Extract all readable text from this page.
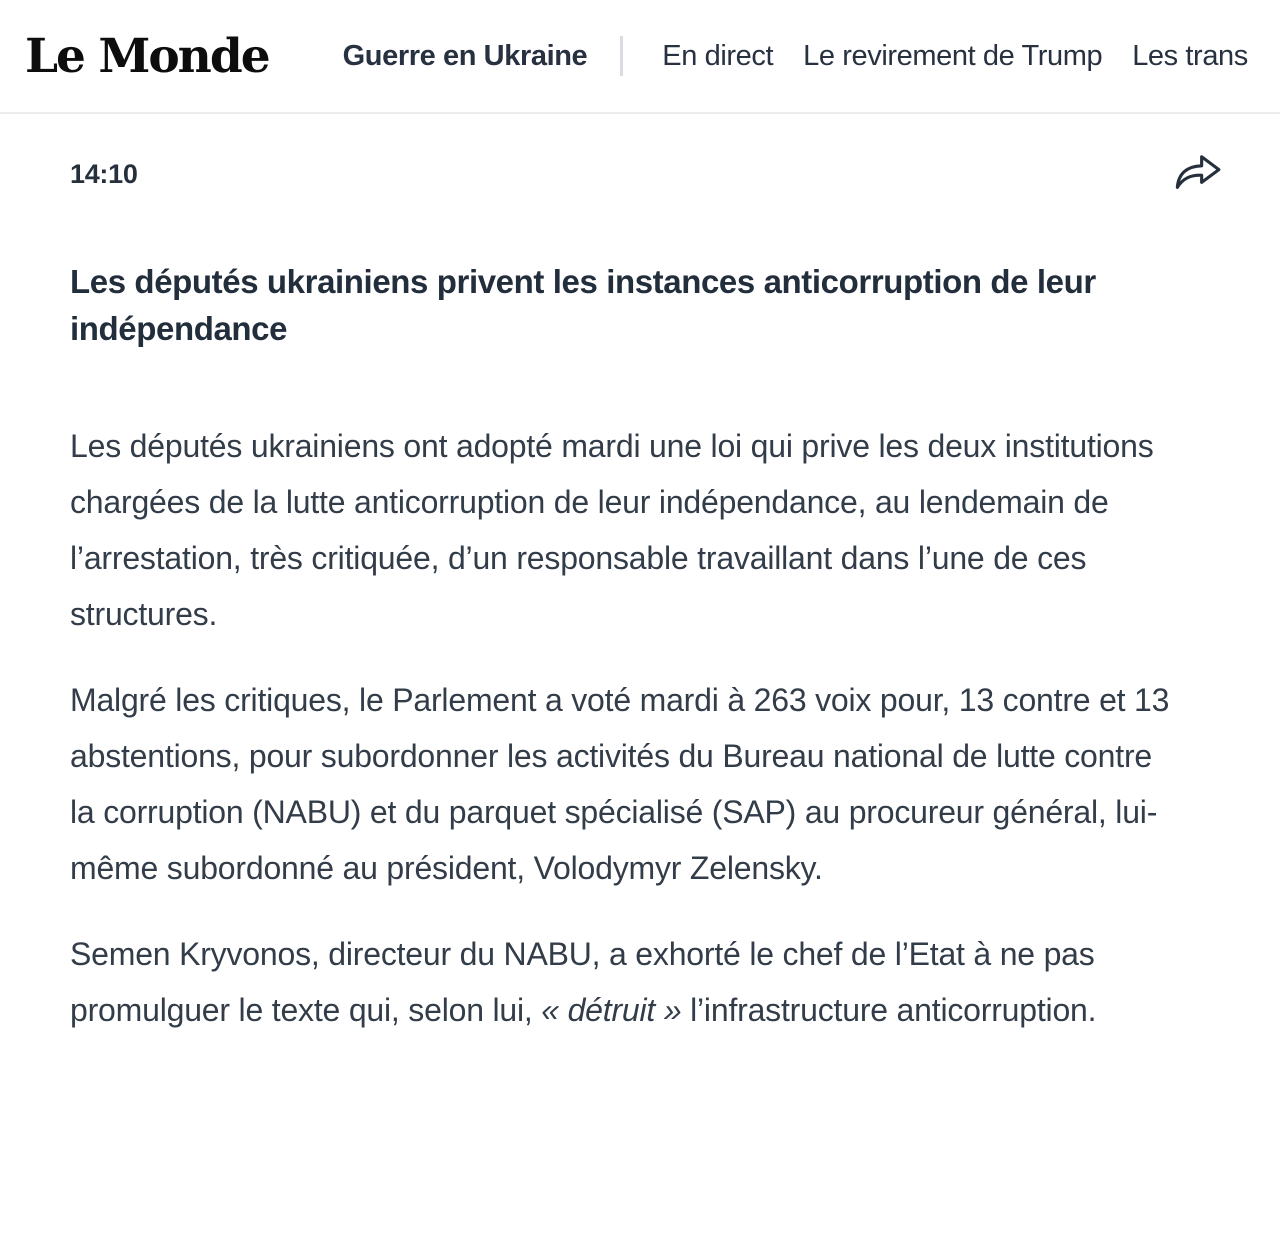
Le Monde	Guerre en Ukraine	En direct Le revirement de Trump Les trans
14:10
Les députés ukrainiens privent les instances anticorruption de leur indépendance

Les députés ukrainiens ont adopté mardi une loi qui prive les deux institutions chargées de la lutte anticorruption de leur indépendance, au lendemain de l’arrestation, très critiquée, d’un responsable travaillant dans l’une de ces structures.

Malgré les critiques, le Parlement a voté mardi à 263 voix pour, 13 contre et 13 abstentions, pour subordonner les activités du Bureau national de lutte contre la corruption (NABU) et du parquet spécialisé (SAP) au procureur général, lui-même subordonné au président, Volodymyr Zelensky.

Semen Kryvonos, directeur du NABU, a exhorté le chef de l’Etat à ne pas promulguer le texte qui, selon lui, « détruit » l’infrastructure anticorruption.
